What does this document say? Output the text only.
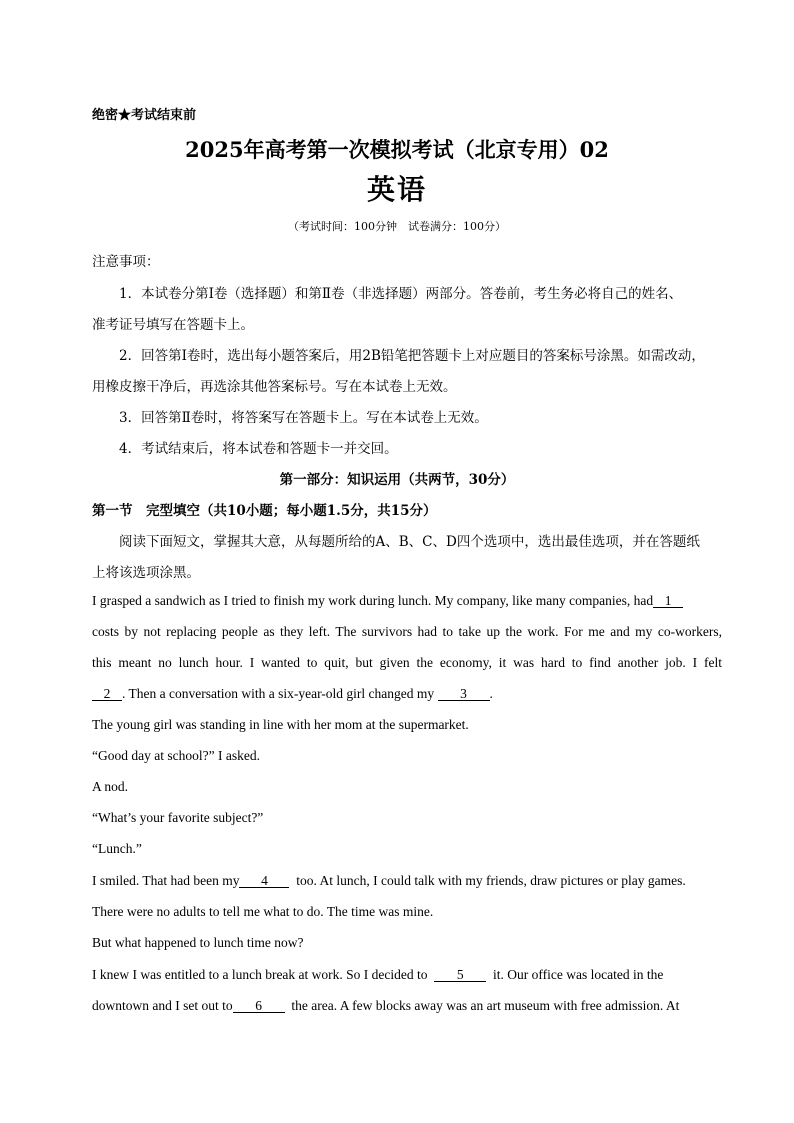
绝密★考试结束前
2025年高考第一次模拟考试（北京专用）02
英语
（考试时间：100分钟　试卷满分：100分）
注意事项：
1．本试卷分第Ⅰ卷（选择题）和第Ⅱ卷（非选择题）两部分。答卷前，考生务必将自己的姓名、
准考证号填写在答题卡上。
2．回答第Ⅰ卷时，选出每小题答案后，用2B铅笔把答题卡上对应题目的答案标号涂黑。如需改动，
用橡皮擦干净后，再选涂其他答案标号。写在本试卷上无效。
3．回答第Ⅱ卷时，将答案写在答题卡上。写在本试卷上无效。
4．考试结束后，将本试卷和答题卡一并交回。
第一部分：知识运用（共两节，30分）
第一节　完型填空（共10小题；每小题1.5分，共15分）
阅读下面短文，掌握其大意，从每题所给的A、B、C、D四个选项中，选出最佳选项，并在答题纸
上将该选项涂黑。
I grasped a sandwich as I tried to finish my work during lunch. My company, like many companies, had 1
costs by not replacing people as they left. The survivors had to take up the work. For me and my co-workers,
this meant no lunch hour. I wanted to quit, but given the economy, it was hard to find another job. I felt
2 . Then a conversation with a six-year-old girl changed my 3 .
The young girl was standing in line with her mom at the supermarket.
“Good day at school?” I asked.
A nod.
“What’s your favorite subject?”
“Lunch.”
I smiled. That had been my 4 too. At lunch, I could talk with my friends, draw pictures or play games.
There were no adults to tell me what to do. The time was mine.
But what happened to lunch time now?
I knew I was entitled to a lunch break at work. So I decided to 5 it. Our office was located in the
downtown and I set out to 6 the area. A few blocks away was an art museum with free admission. At
